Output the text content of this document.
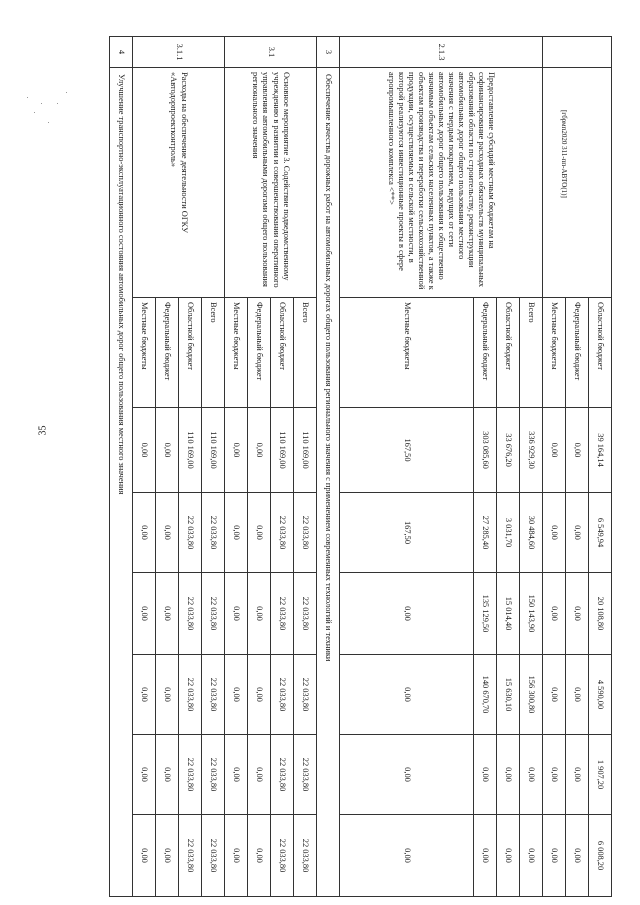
35
[гбрмп2020 311-пп-АВТО(1)]
		Областной бюджет	39 164,14	6 549,94	20 108,80	4 590,00	1 907,20	6 008,20
		Федеральный бюджет	0,00	0,00	0,00	0,00	0,00	0,00
		Местные бюджеты	0,00	0,00	0,00	0,00	0,00	0,00
2.1.3	Предоставление субсидий местным бюджетам на софинансирование расходных обязательств муниципальных образований области по строительству, реконструкции автомобильных дорог общего пользования местного значения с твердым покрытием, ведущих от сети автомобильных дорог общего пользования к общественно значимым объектам сельских населенных пунктов, а также к объектам производства и переработки сельскохозяйственной продукции, осуществляемых в сельской местности, в которой реализуются инвестиционные проекты в сфере агропромышленного комплекса <**>	Всего	336 929,30	30 484,60	150 143,90	156 300,80	0,00	0,00
		Областной бюджет	33 676,20	3 031,70	15 014,40	15 630,10	0,00	0,00
		Федеральный бюджет	303 085,60	27 285,40	135 129,50	140 670,70	0,00	0,00
		Местные бюджеты	167,50	167,50	0,00	0,00	0,00	0,00
3	Обеспечение качества дорожных работ на автомобильных дорогах общего пользования регионального значения с применением современных технологий и техники							
3.1	Основное мероприятие 3. Содействие подведомственному учреждению в развитии и совершенствовании оперативного управления автомобильными дорогами общего пользования регионального значения	Всего	110 169,00	22 033,80	22 033,80	22 033,80	22 033,80	22 033,80
		Областной бюджет	110 169,00	22 033,80	22 033,80	22 033,80	22 033,80	22 033,80
		Федеральный бюджет	0,00	0,00	0,00	0,00	0,00	0,00
		Местные бюджеты	0,00	0,00	0,00	0,00	0,00	0,00
3.1.1	Расходы на обеспечение деятельности ОГКУ «Автодорпроектконтроль»	Всего	110 169,00	22 033,80	22 033,80	22 033,80	22 033,80	22 033,80
		Областной бюджет	110 169,00	22 033,80	22 033,80	22 033,80	22 033,80	22 033,80
		Федеральный бюджет	0,00	0,00	0,00	0,00	0,00	0,00
		Местные бюджеты	0,00	0,00	0,00	0,00	0,00	0,00
4	Улучшение транспортно-эксплуатационного состояния автомобильных дорог общего пользования местного значения							
